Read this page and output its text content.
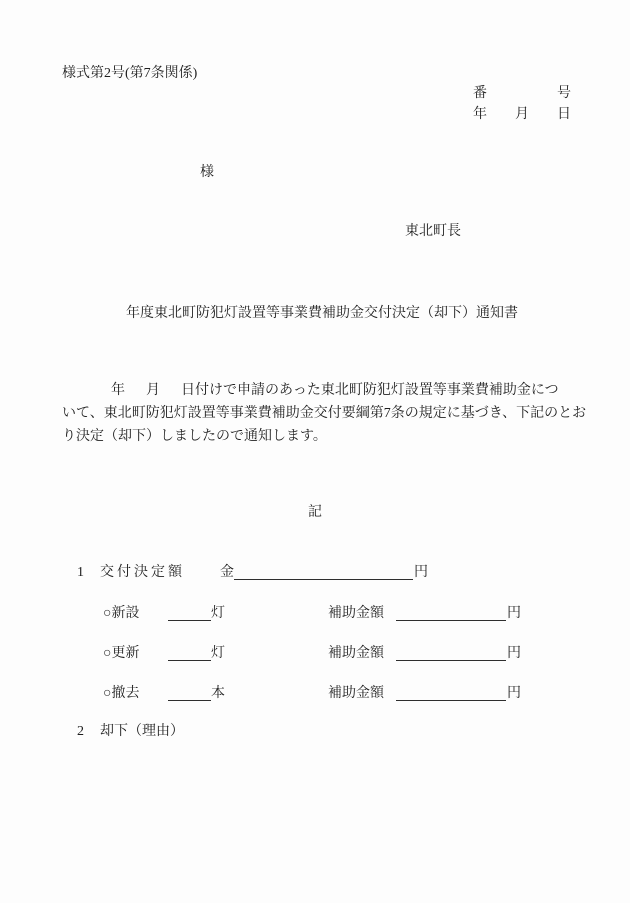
様式第2号(第7条関係)
番　　　　　号
年　　月　　日
様
東北町長
　年度東北町防犯灯設置等事業費補助金交付決定（却下）通知書
　　　  年　  月　  日付けで申請のあった東北町防犯灯設置等事業費補助金につ
いて、東北町防犯灯設置等事業費補助金交付要綱第7条の規定に基づき、下記のとお
り決定（却下）しましたので通知します。
記
1 交付決定額	金	円
○新設	灯	補助金額	円
○更新	灯	補助金額	円
○撤去	本	補助金額	円
2 却下（理由）
